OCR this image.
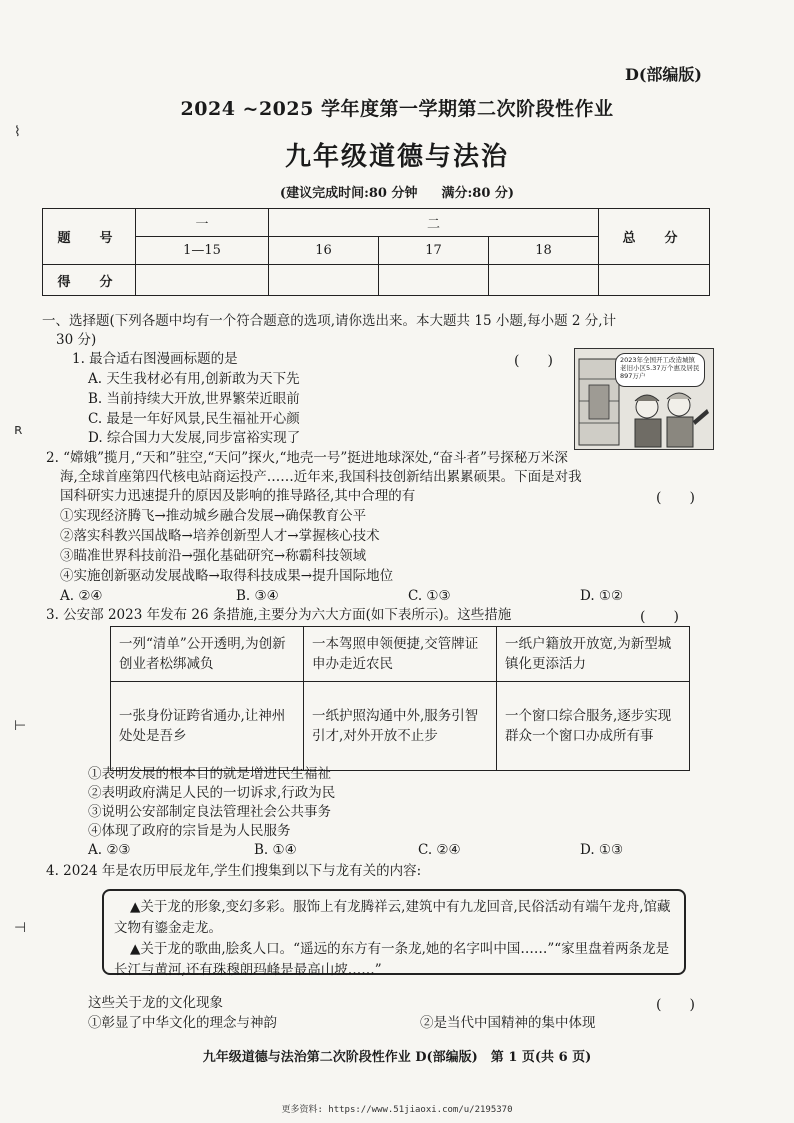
D(部编版)
2024 ~2025 学年度第一学期第二次阶段性作业
九年级道德与法治
(建议完成时间:80 分钟 满分:80 分)
⌇
ʀ
⊢
⊣
题　号	一	二			总　分
	1—15	16	17	18	
得　分					
一、选择题(下列各题中均有一个符合题意的选项,请你选出来。本大题共 15 小题,每小题 2 分,计
30 分)
1. 最合适右图漫画标题的是	(　　)
A. 天生我材必有用,创新敢为天下先
B. 当前持续大开放,世界繁荣近眼前
C. 最是一年好风景,民生福祉开心颜
D. 综合国力大发展,同步富裕实现了
2023年全国开工改造城镇老旧小区5.37万个惠及居民897万户
2. “嫦娥”揽月,“天和”驻空,“天问”探火,“地壳一号”挺进地球深处,“奋斗者”号探秘万米深
海,全球首座第四代核电站商运投产……近年来,我国科技创新结出累累硕果。下面是对我
国科研实力迅速提升的原因及影响的推导路径,其中合理的有	(　　)
①实现经济腾飞→推动城乡融合发展→确保教育公平
②落实科教兴国战略→培养创新型人才→掌握核心技术
③瞄准世界科技前沿→强化基础研究→称霸科技领域
④实施创新驱动发展战略→取得科技成果→提升国际地位
A. ②④	B. ③④	C. ①③	D. ①②
3. 公安部 2023 年发布 26 条措施,主要分为六大方面(如下表所示)。这些措施	(　　)
一列“清单”公开透明,为创新创业者松绑减负	一本驾照申领便捷,交管牌证申办走近农民	一纸户籍放开放宽,为新型城镇化更添活力
一张身份证跨省通办,让神州处处是吾乡	一纸护照沟通中外,服务引智引才,对外开放不止步	一个窗口综合服务,逐步实现群众一个窗口办成所有事
①表明发展的根本目的就是增进民生福祉
②表明政府满足人民的一切诉求,行政为民
③说明公安部制定良法管理社会公共事务
④体现了政府的宗旨是为人民服务
A. ②③	B. ①④	C. ②④	D. ①③
4. 2024 年是农历甲辰龙年,学生们搜集到以下与龙有关的内容:

▲关于龙的形象,变幻多彩。服饰上有龙腾祥云,建筑中有九龙回音,民俗活动有端午龙舟,馆藏文物有鎏金走龙。

▲关于龙的歌曲,脍炙人口。“遥远的东方有一条龙,她的名字叫中国……”“家里盘着两条龙是长江与黄河,还有珠穆朗玛峰是最高山坡……”

这些关于龙的文化现象	(　　)
①彰显了中华文化的理念与神韵	②是当代中国精神的集中体现
九年级道德与法治第二次阶段性作业 D(部编版)　第 1 页(共 6 页)
更多资料: https://www.51jiaoxi.com/u/2195370
